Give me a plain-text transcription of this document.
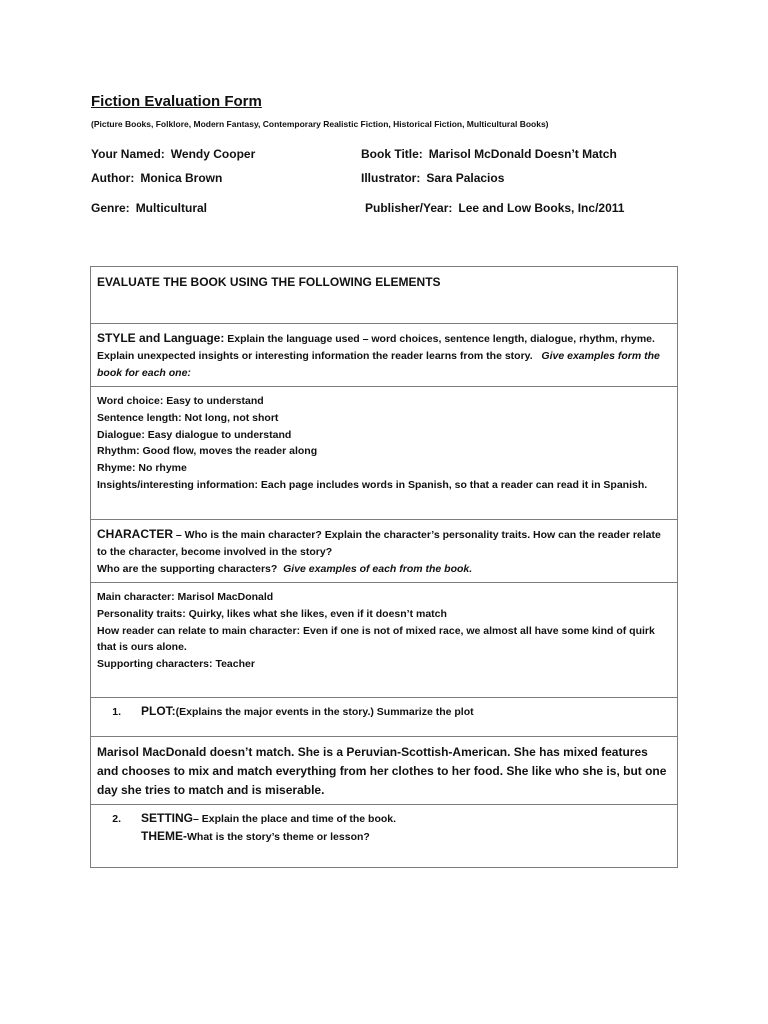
Fiction Evaluation Form
(Picture Books, Folklore, Modern Fantasy, Contemporary Realistic Fiction, Historical Fiction, Multicultural Books)
Your Named: Wendy Cooper	Book Title: Marisol McDonald Doesn’t Match
Author: Monica Brown	Illustrator: Sara Palacios
Genre: Multicultural	Publisher/Year: Lee and Low Books, Inc/2011
EVALUATE THE BOOK USING THE FOLLOWING ELEMENTS
STYLE and Language: Explain the language used – word choices, sentence length, dialogue, rhythm, rhyme. Explain unexpected insights or interesting information the reader learns from the story. Give examples form the book for each one:

Word choice: Easy to understand
Sentence length: Not long, not short
Dialogue: Easy dialogue to understand
Rhythm: Good flow, moves the reader along
Rhyme: No rhyme
Insights/interesting information: Each page includes words in Spanish, so that a reader can read it in Spanish.

CHARACTER – Who is the main character? Explain the character’s personality traits. How can the reader relate to the character, become involved in the story?
Who are the supporting characters? Give examples of each from the book.

Main character: Marisol MacDonald
Personality traits: Quirky, likes what she likes, even if it doesn’t match
How reader can relate to main character: Even if one is not of mixed race, we almost all have some kind of quirk that is ours alone.
Supporting characters: Teacher

1. PLOT: (Explains the major events in the story.) Summarize the plot

Marisol MacDonald doesn’t match. She is a Peruvian-Scottish-American. She has mixed features and chooses to mix and match everything from her clothes to her food. She like who she is, but one day she tries to match and is miserable.

2. SETTING – Explain the place and time of the book.
THEME- What is the story’s theme or lesson?
